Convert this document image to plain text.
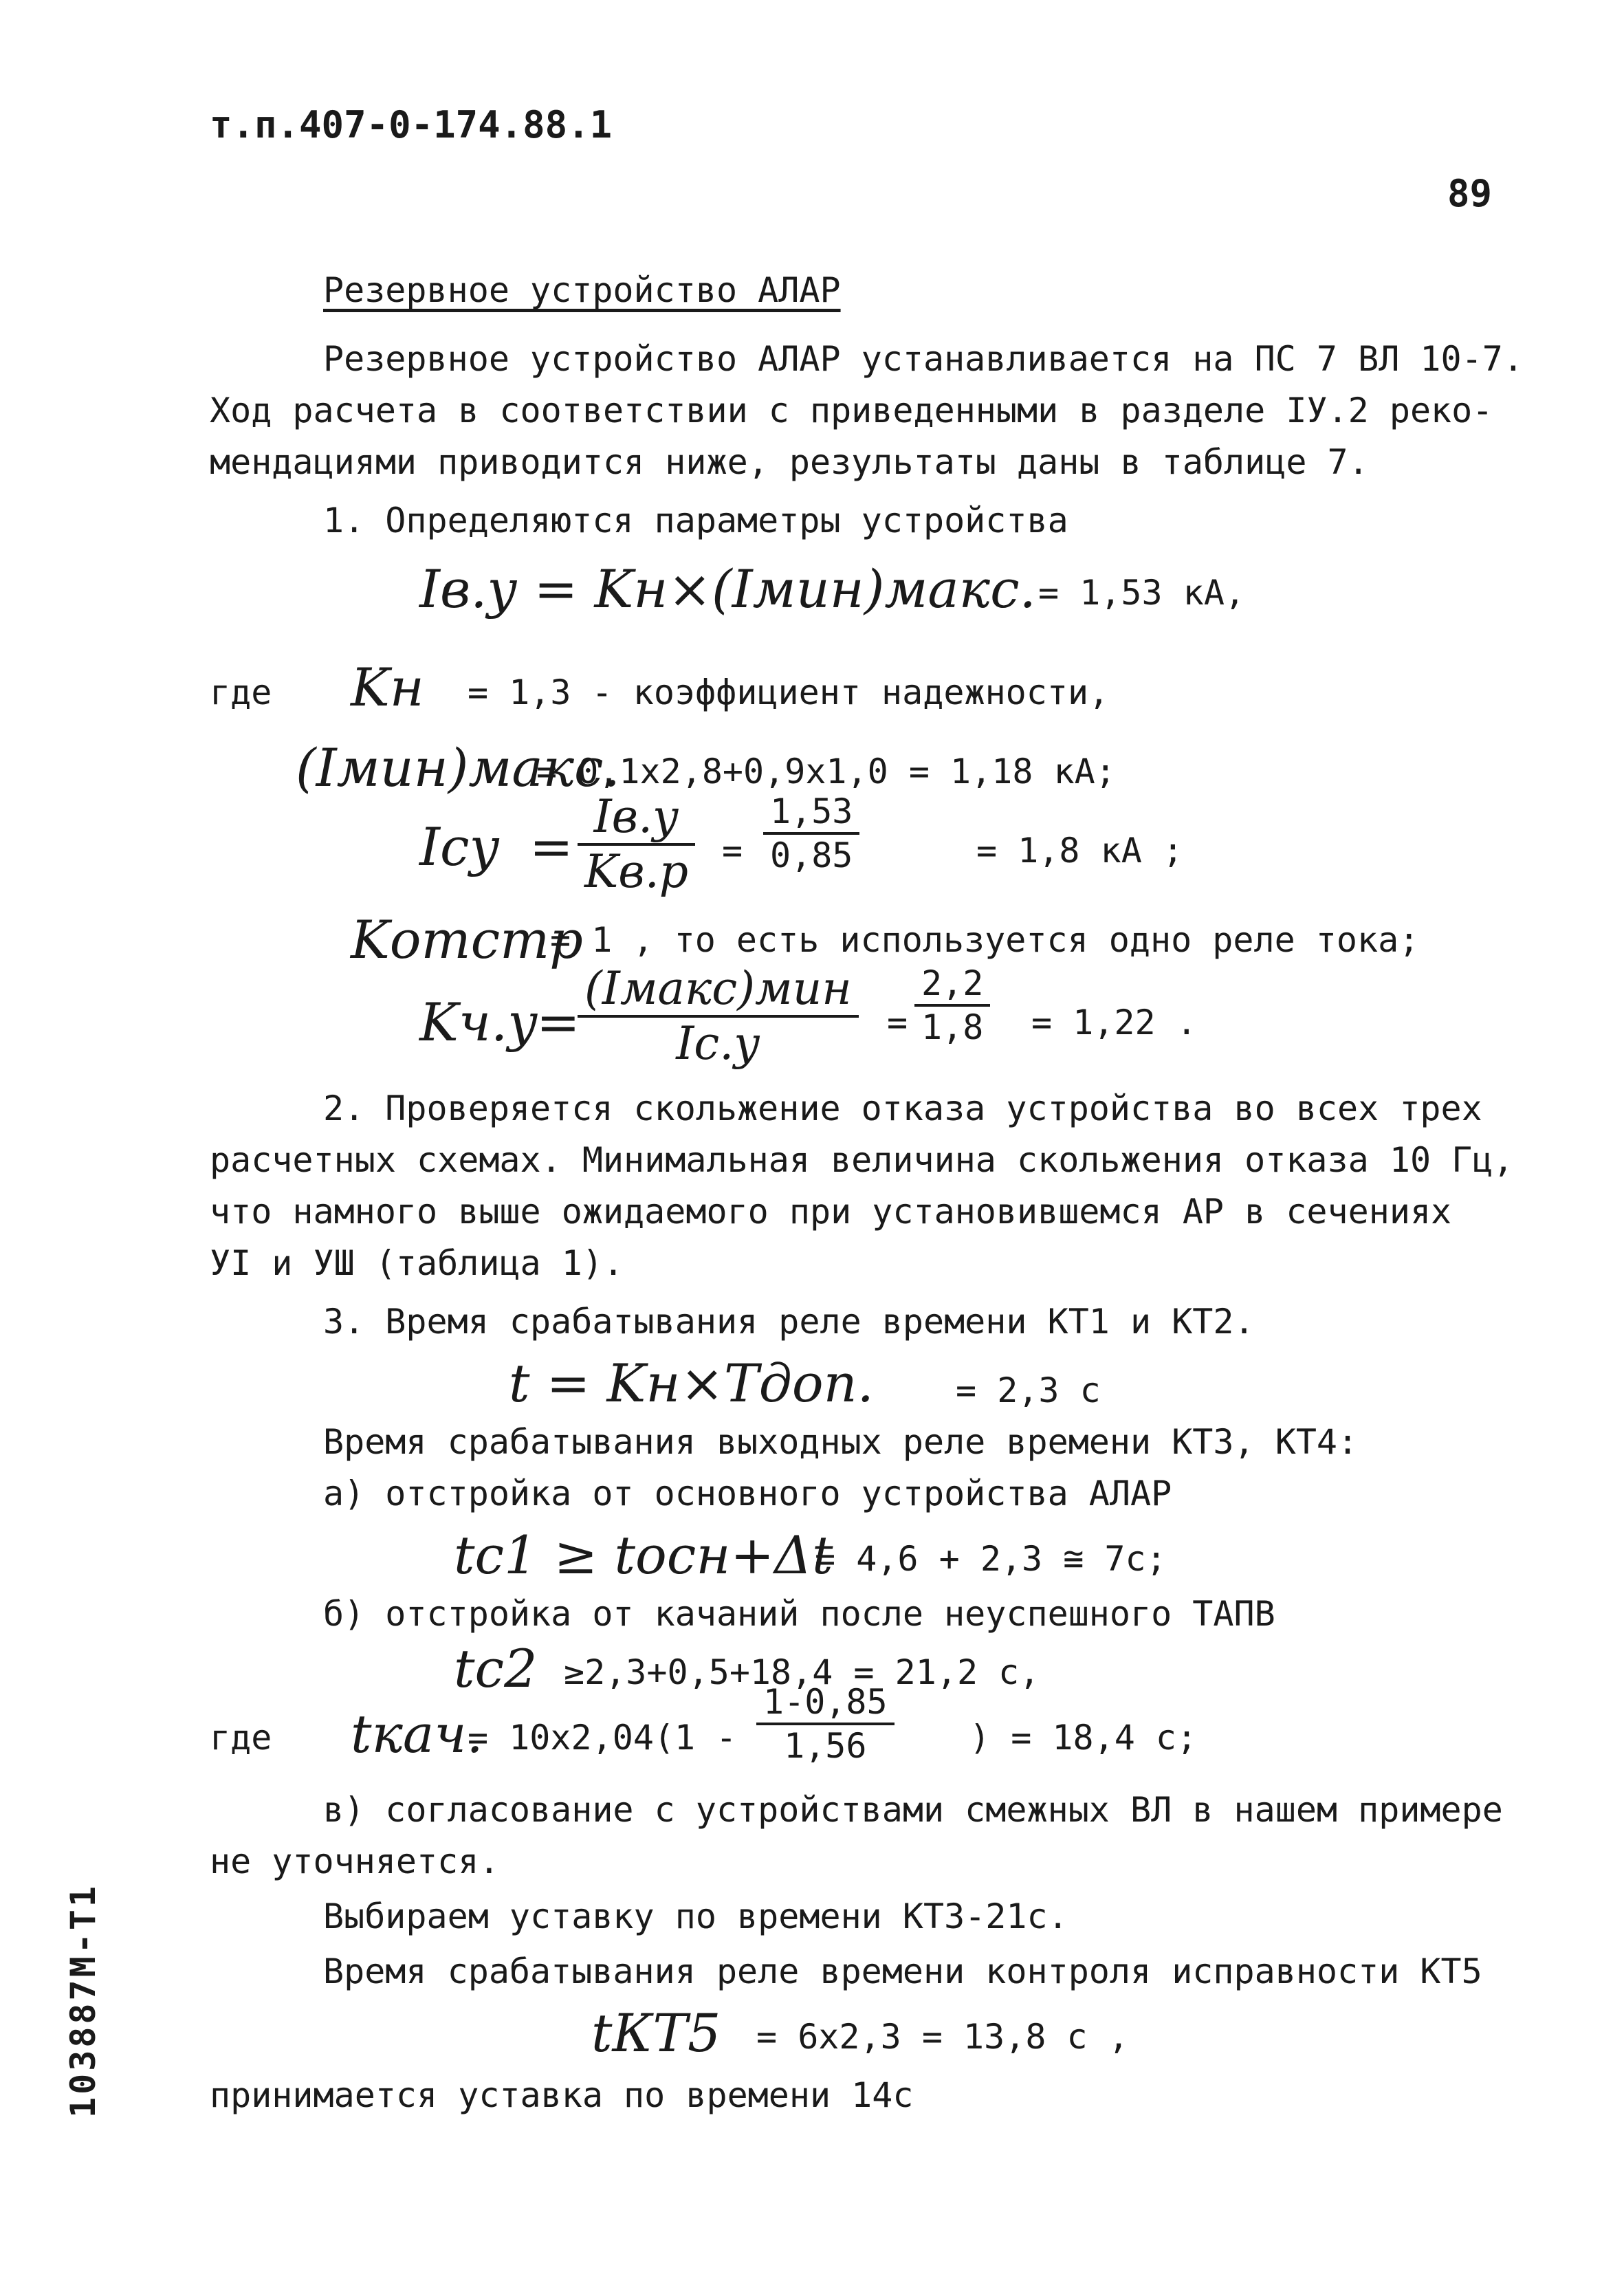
т.п.407-0-174.88.1
89
Резервное устройство АЛАР
Резервное устройство АЛАР устанавливается на ПС 7 ВЛ 10-7.
Ход расчета в соответствии с приведенными в разделе IУ.2 реко-
мендациями приводится ниже, результаты даны в таблице 7.
1. Определяются параметры устройства
Iв.у = Kн×(Iмин)макс. = 1,53 кА,
где Kн = 1,3 - коэффициент надежности,
(Iмин)макс.
= 0,1х2,8+0,9х1,0 = 1,18 кА;
Iсу = Iв.у
$Kв.р = \frac{1,53}{0,85}$	= 1,8 кА ;
Kотстр
= 1 , то есть используется одно реле тока;
Kч.у
=
(Iмакс)мин
Iс.у	= $\frac{2,2}{1,8} = 1,22$ .
2. Проверяется скольжение отказа устройства во всех трех
расчетных схемах. Минимальная величина скольжения отказа 10 Гц,
что намного выше ожидаемого при установившемся АР в сечениях
УI и УШ (таблица 1).
3. Время срабатывания реле времени КТ1 и КТ2.
t = Kн×Tдоп. = 2,3 с
Время срабатывания выходных реле времени КТ3, КТ4:
а) отстройка от основного устройства АЛАР
tс1 ≥ tосн+Δt
= 4,6 + 2,3 ≅ 7с;
б) отстройка от качаний после неуспешного ТАПВ
tс2 ≥2,3+0,5+18,4 = 21,2 с,
где tкач.
= $10х2,04(1 - \frac{1-0,85}{1,56}$ ) = 18,4 с;
в) согласование с устройствами смежных ВЛ в нашем примере
не уточняется.
Выбираем уставку по времени КТ3-21с.
Время срабатывания реле времени контроля исправности КТ5
tКТ5 = 6х2,3 = 13,8 с ,
принимается уставка по времени 14с
103887M-T1
